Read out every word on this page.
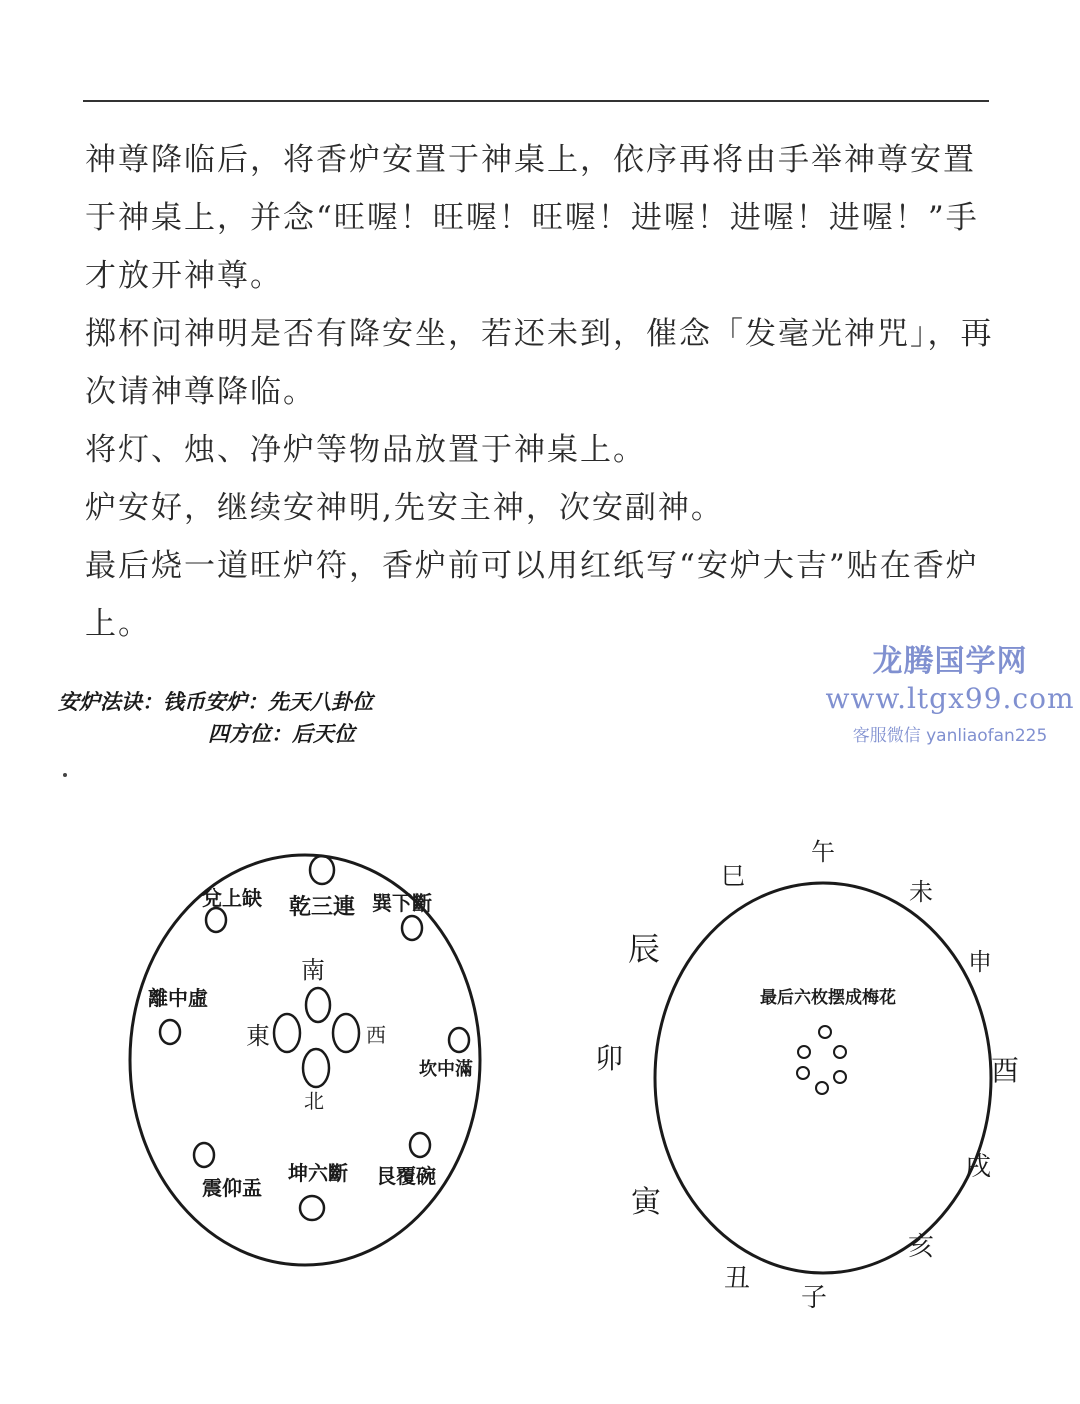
神尊降临后，将香炉安置于神桌上，依序再将由手举神尊安置于神桌上，并念“旺喔！旺喔！旺喔！进喔！进喔！进喔！”手才放开神尊。

掷杯问神明是否有降安坐，若还未到，催念「发毫光神咒」，再次请神尊降临。

将灯、烛、净炉等物品放置于神桌上。

炉安好，继续安神明,先安主神，次安副神。

最后烧一道旺炉符，香炉前可以用红纸写“安炉大吉”贴在香炉上。

龙腾国学网
www.ltgx99.com
客服微信 yanliaofan225
安炉法诀：钱币安炉：先天八卦位
四方位：后天位
南
東	西
北
乾三連
兌上缺	巽下斷
離中虛
坎中滿
震仰盂
坤六斷 艮覆碗
最后六枚摆成梅花
巳
午
未
申
辰
卯	酉
戌
寅
亥
丑
子
